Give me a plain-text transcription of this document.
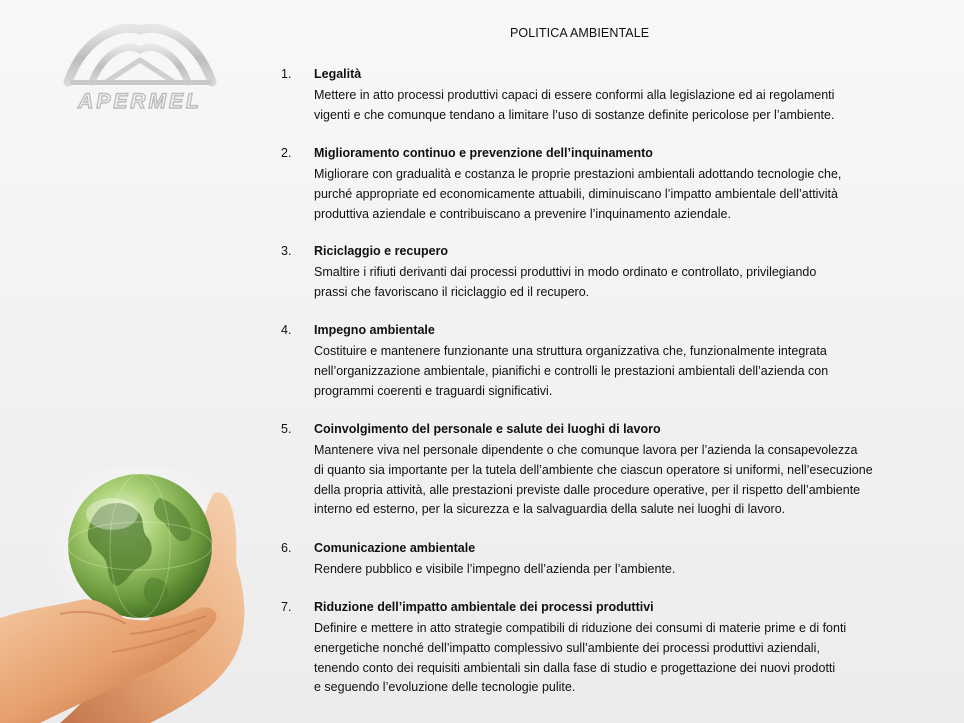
APERMEL
POLITICA AMBIENTALE
1.	Legalità
Mettere in atto processi produttivi capaci di essere conformi alla legislazione ed ai regolamenti
vigenti e che comunque tendano a limitare l’uso di sostanze definite pericolose per l’ambiente.
2.	Miglioramento continuo e prevenzione dell’inquinamento
Migliorare con gradualità e costanza le proprie prestazioni ambientali adottando tecnologie che,
purché appropriate ed economicamente attuabili, diminuiscano l’impatto ambientale dell’attività
produttiva aziendale e contribuiscano a prevenire l’inquinamento aziendale.
3.	Riciclaggio e recupero
Smaltire i rifiuti derivanti dai processi produttivi in modo ordinato e controllato, privilegiando
prassi che favoriscano il riciclaggio ed il recupero.
4.	Impegno ambientale
Costituire e mantenere funzionante una struttura organizzativa che, funzionalmente integrata
nell’organizzazione ambientale, pianifichi e controlli le prestazioni ambientali dell’azienda con
programmi coerenti e traguardi significativi.
5.	Coinvolgimento del personale e salute dei luoghi di lavoro
Mantenere viva nel personale dipendente o che comunque lavora per l’azienda la consapevolezza
di quanto sia importante per la tutela dell’ambiente che ciascun operatore si uniformi, nell’esecuzione
della propria attività, alle prestazioni previste dalle procedure operative, per il rispetto dell’ambiente
interno ed esterno, per la sicurezza e la salvaguardia della salute nei luoghi di lavoro.
6.	Comunicazione ambientale
Rendere pubblico e visibile l’impegno dell’azienda per l’ambiente.
7.	Riduzione dell’impatto ambientale dei processi produttivi
Definire e mettere in atto strategie compatibili di riduzione dei consumi di materie prime e di fonti
energetiche nonché dell’impatto complessivo sull’ambiente dei processi produttivi aziendali,
tenendo conto dei requisiti ambientali sin dalla fase di studio e progettazione dei nuovi prodotti
e seguendo l’evoluzione delle tecnologie pulite.
